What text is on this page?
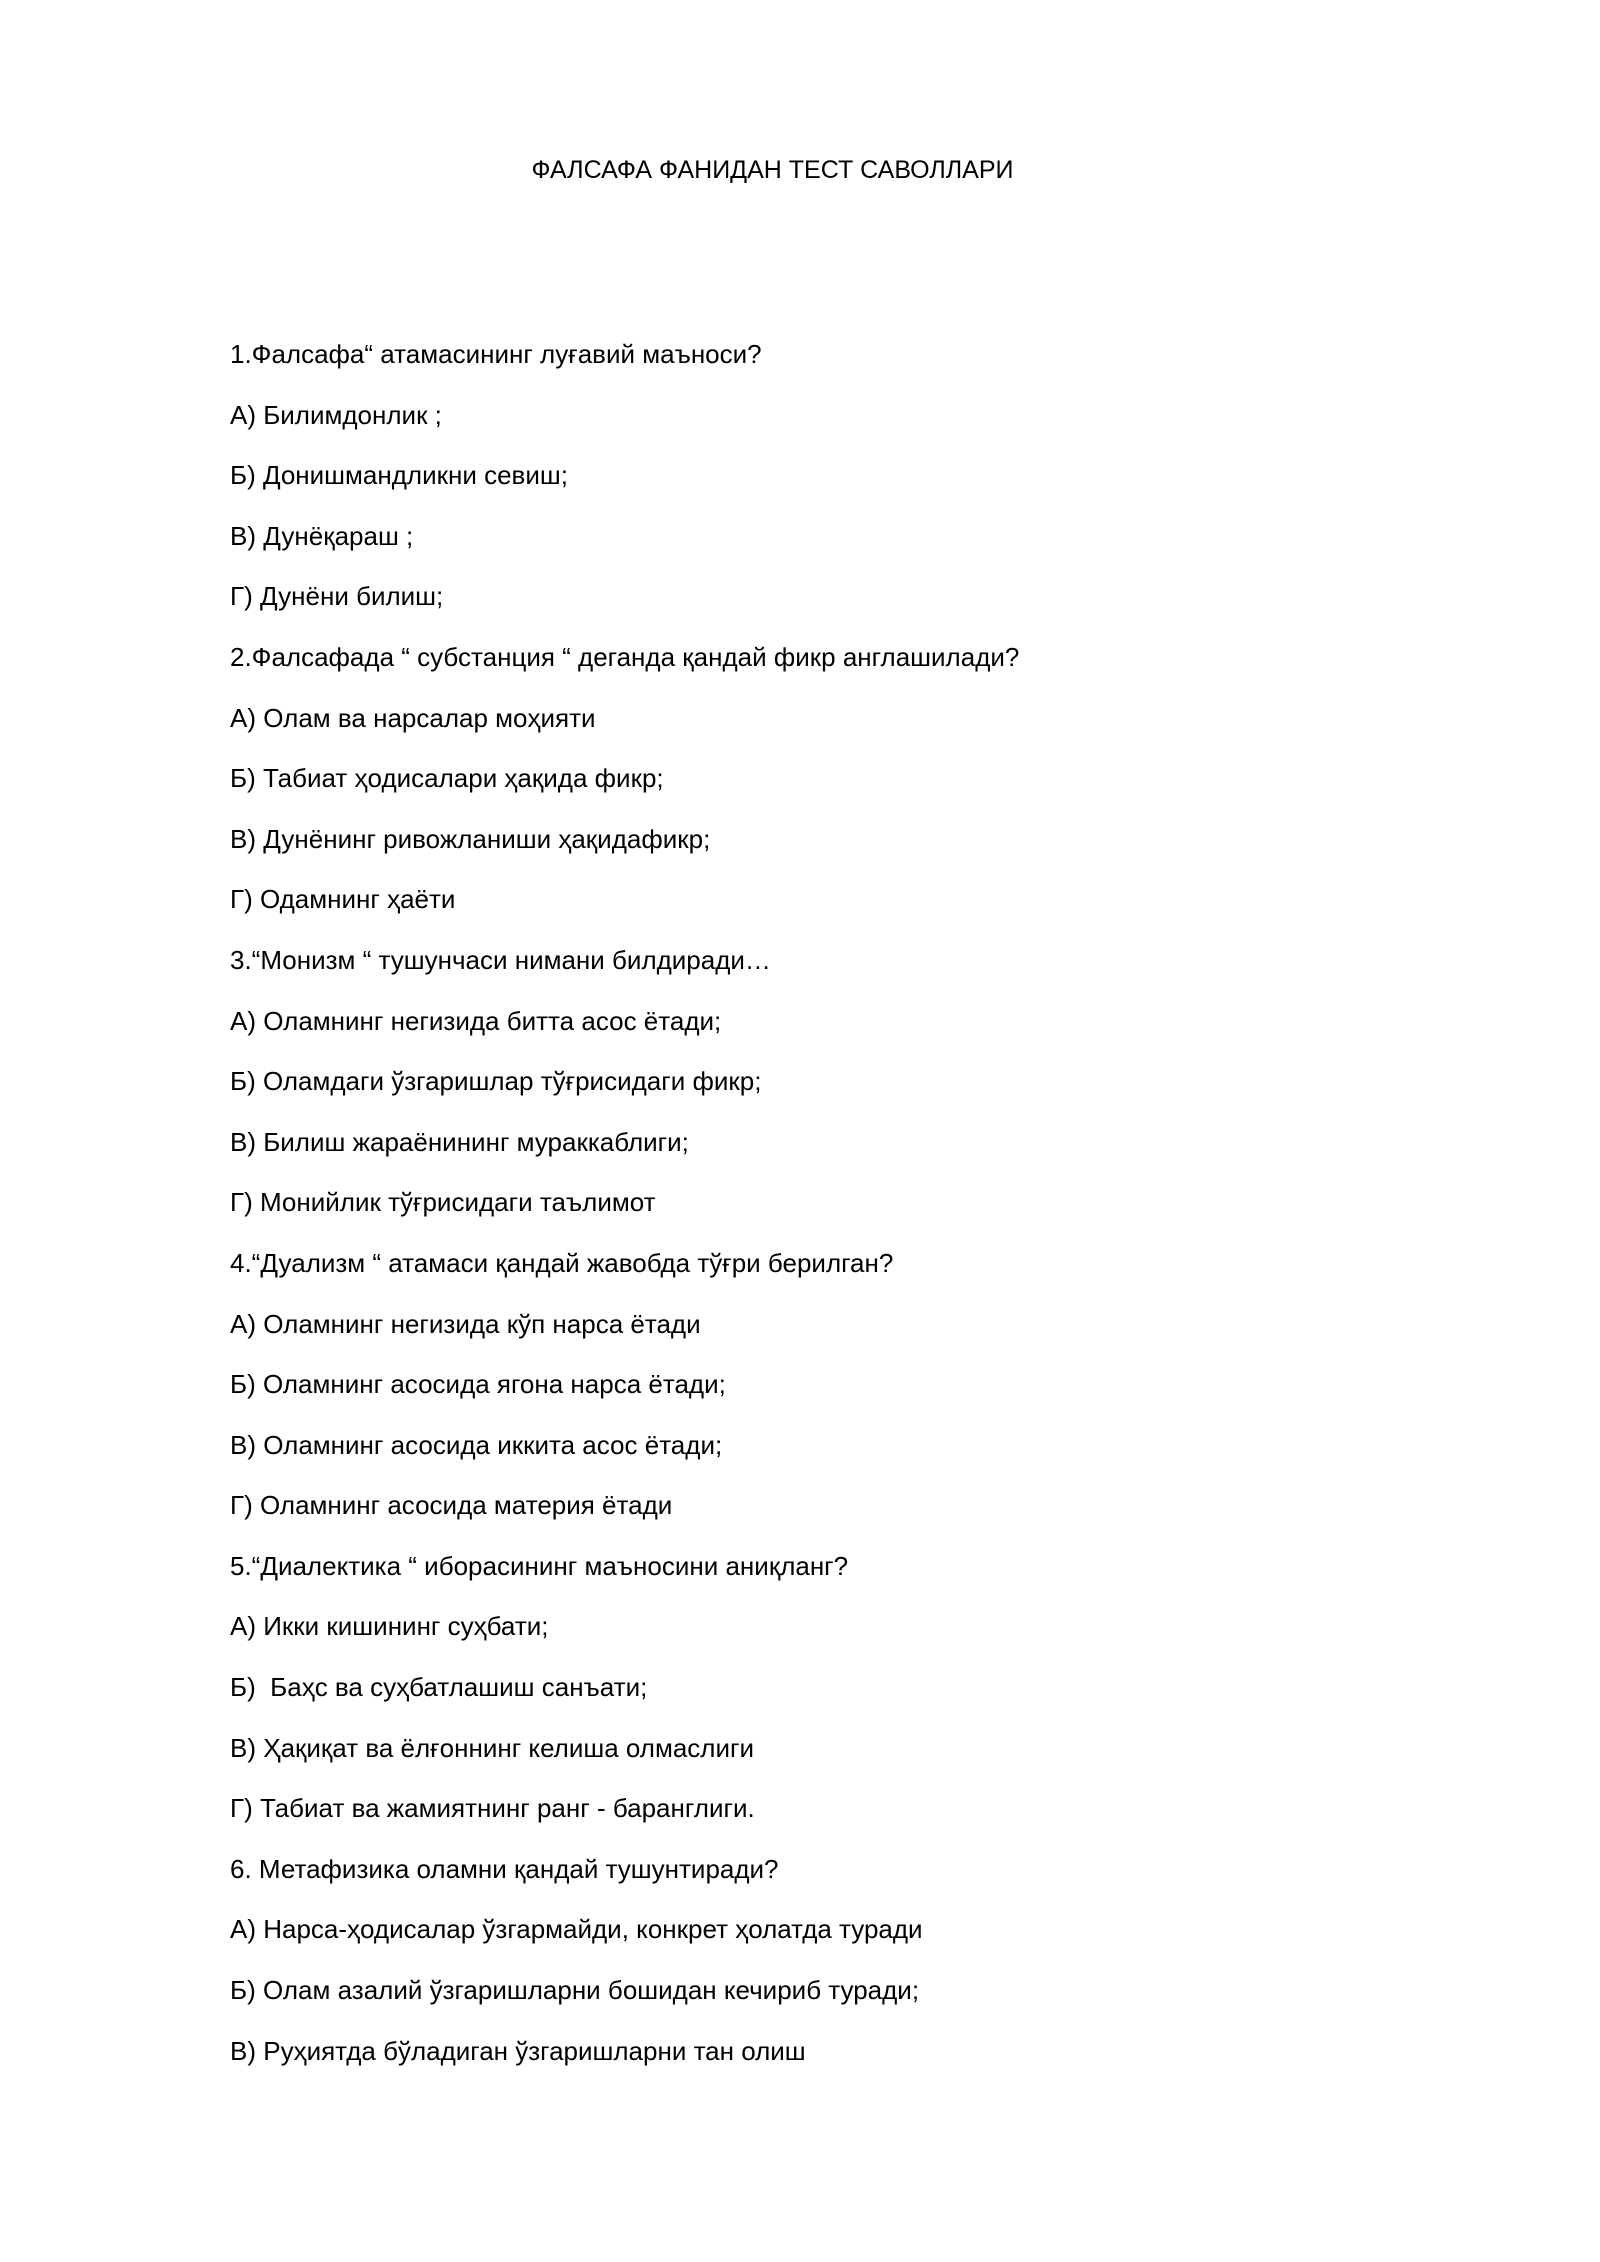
ФАЛСАФА ФАНИДАН ТЕСТ САВОЛЛАРИ
1.Фалсафа“ атамасининг луғавий маъноси?
А) Билимдонлик ;
Б) Донишмандликни севиш;
В) Дунёқараш ;
Г) Дунёни билиш;
2.Фалсафада “ субстанция “ деганда қандай фикр англашилади?
А) Олам ва нарсалар моҳияти
Б) Табиат ҳодисалари ҳақида фикр;
В) Дунёнинг ривожланиши ҳақидафикр;
Г) Одамнинг ҳаёти
3.“Монизм “ тушунчаси нимани билдиради…
А) Оламнинг негизида битта асос ётади;
Б) Оламдаги ўзгаришлар тўғрисидаги фикр;
В) Билиш жараёнининг мураккаблиги;
Г) Монийлик тўғрисидаги таълимот
4.“Дуализм “ атамаси қандай жавобда тўғри берилган?
А) Оламнинг негизида кўп нарса ётади
Б) Оламнинг асосида ягона нарса ётади;
В) Оламнинг асосида иккита асос ётади;
Г) Оламнинг асосида материя ётади
5.“Диалектика “ иборасининг маъносини аниқланг?
А) Икки кишининг суҳбати;
Б)  Баҳс ва суҳбатлашиш санъати;
В) Ҳақиқат ва ёлғоннинг келиша олмаслиги
Г) Табиат ва жамиятнинг ранг - баранглиги.
6. Метафизика оламни қандай тушунтиради?
А) Нарса-ҳодисалар ўзгармайди, конкрет ҳолатда туради
Б) Олам азалий ўзгаришларни бошидан кечириб туради;
В) Руҳиятда бўладиган ўзгаришларни тан олиш
